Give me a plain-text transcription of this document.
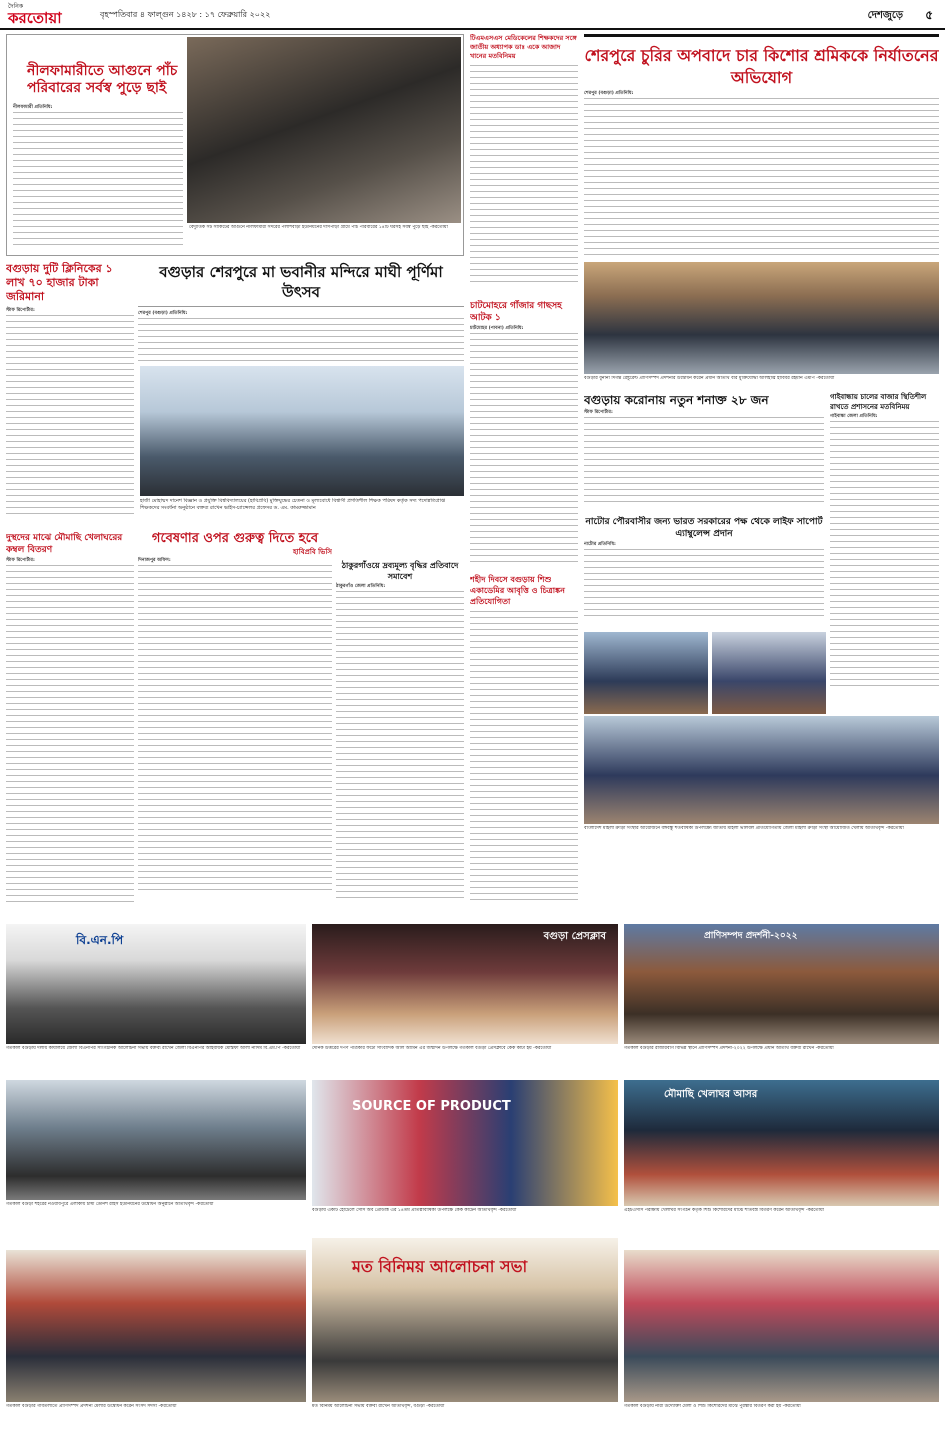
দৈনিক
করতোয়া	বৃহস্পতিবার ৪ ফাল্গুন ১৪২৮ : ১৭ ফেব্রুয়ারি ২০২২	দেশজুড়ে ৫
নীলফামারীতে আগুনে পাঁচ পরিবারের সর্বস্ব পুড়ে ছাই
নীলফামারী প্রতিনিধি:
বৈদ্যুতিক সর্ট সার্কিটের আগুনে নীলফামারী সদরের পলাশবাড়ী ইউনিয়নের দাসপাড়া গ্রামে পাঁচ পরিবারের ১৪টি ঘরসহ সর্বস্ব পুড়ে ছাই -করতোয়া
টিএমএসএস মেডিকেলের শিক্ষকদের সঙ্গে জাতীয় অধ্যাপক ডাঃ একে আজাদ খানের মতবিনিময়	শেরপুরে চুরির অপবাদে চার কিশোর শ্রমিককে নির্যাতনের অভিযোগ
শেরপুর (বগুড়া) প্রতিনিধি:
বগুড়ায় দুটি ক্লিনিকের ১ লাখ ৭০ হাজার টাকা জরিমানা
স্টাফ রিপোর্টার:
বগুড়ার শেরপুরে মা ভবানীর মন্দিরে মাঘী পূর্ণিমা উৎসব
শেরপুর (বগুড়া) প্রতিনিধি:
হাজী মোহাম্মদ দানেশ বিজ্ঞান ও প্রযুক্তি বিশ্ববিদ্যালয়ের (হাবিপ্রবি) মুক্তিযুদ্ধের চেতনা ও মূল্যবোধে বিশ্বাসী প্রগতিশীল শিক্ষক পরিষদ কর্তৃক সদ্য পদোন্নতিপ্রাপ্ত শিক্ষকদের সংবর্ধনা অনুষ্ঠানে বক্তব্য রাখেন ভাইস-চ্যান্সেলর প্রফেসর ড. এম. কামরুজ্জামান
চাটমোহরে গাঁজার গাছসহ আটক ১
চাটমোহর (পাবনা) প্রতিনিধি:
বগুড়ার বুনানী দিগন্ত রেষ্টুরেন্ট প্রাণিসম্পদ প্রদর্শনীর উদ্বোধন করেন প্রধান অতিথি বীর মুক্তিযোদ্ধা আলহাজ্ব হাবিবর রহমান এমপি -করতোয়া
বগুড়ায় করোনায় নতুন শনাক্ত ২৮ জন
স্টাফ রিপোর্টার:
গাইবান্ধায় চালের বাজার স্থিতিশীল রাখতে প্রশাসনের মতবিনিময়
গাইবান্ধা জেলা প্রতিনিধি:
নাটোর পৌরবাসীর জন্য ভারত সরকারের পক্ষ থেকে লাইফ সাপোর্ট এ্যাম্বুলেন্স প্রদান
নাটোর প্রতিনিধি:
দুস্থদের মাঝে মৌমাছি খেলাঘরের কম্বল বিতরণ
স্টাফ রিপোর্টার:
গবেষণার ওপর গুরুত্ব দিতে হবে
হাবিপ্রবি ভিসি
দিনাজপুর অফিস:	ঠাকুরগাঁওয়ে দ্রব্যমূল্য বৃদ্ধির প্রতিবাদে সমাবেশ
ঠাকুরগাঁও জেলা প্রতিনিধি:
শহীদ দিবসে বগুড়ায় শিশু একাডেমির আবৃত্তি ও চিত্রাঙ্কন প্রতিযোগিতা
বাংলাদেশ মহিলা ক্রীড়া সংস্থার আয়োজনে বঙ্গবন্ধু শতবার্ষিকী উপলক্ষ্যে জাতীয় মহিলা ভলিবল প্রতিযোগিতায় জেলা মহিলা ক্রীড়া সংস্থা আয়োজিত খেলায় অতিথিবৃন্দ -করতোয়া
বি.এন.পি
গতকাল বগুড়ায় দলীয় কার্যালয়ে জেলা বিএনপির সাংগঠনিক আলোচনা সভায় বক্তব্য রাখেন জেলা বিএনপির আহবায়ক মোস্তফা আলী নাদিম বি.এম.পি -করতোয়া
বগুড়া প্রেসক্লাব
দৈনিক উত্তরের দর্পণ পত্রিকার ফটো সাংবাদিক আল আমিন এর জন্মদিন উপলক্ষে গতকাল বগুড়া প্রেসক্লাবে কেক কাটা হয় -করতোয়া
প্রাণিসম্পদ প্রদর্শনী-২০২২
গতকাল বগুড়ার রাজারবাগ বিভিন্ন স্থানে প্রাণিসম্পদ প্রদর্শনী-২০২২ উপলক্ষে প্রধান অতিথি বক্তব্য রাখেন -করতোয়া
গতকাল বগুড়া শহরের নওয়াবপুরে এলাকায় চাষী ডেনিশ রাইস ইউনিয়নের উদ্বোধন অনুষ্ঠানে অতিথিবৃন্দ -করতোয়া
SOURCE OF PRODUCT
বগুড়ায় একটি হোটেলে সোর্স অব প্রোডাক্ট এর ১৪তম প্রতিষ্ঠাবার্ষিকী উপলক্ষে কেক কাটেন অতিথিবৃন্দ -করতোয়া
মৌমাছি খেলাঘর আসর
এইচএসসি পরীক্ষায় খেলাঘর সংগঠন কর্তৃক শিশু কিশোরদের মাঝে শীতবস্ত্র বিতরণ করেন অতিথিবৃন্দ -করতোয়া
গতকাল বগুড়ার গাবতলীতে প্রাণিসম্পদ প্রদর্শনী মেলার উদ্বোধন করেন সংসদ সদস্য -করতোয়া
মত বিনিময় আলোচনা সভা
মত বিনিময় আলোচনা সভায় বক্তব্য রাখেন অতিথিবৃন্দ, বগুড়া -করতোয়া	গতকাল বগুড়ায় নারী উদ্যোক্তা মেলা ও শিশু কিশোরদের মাঝে পুরস্কার বিতরণ করা হয় -করতোয়া
